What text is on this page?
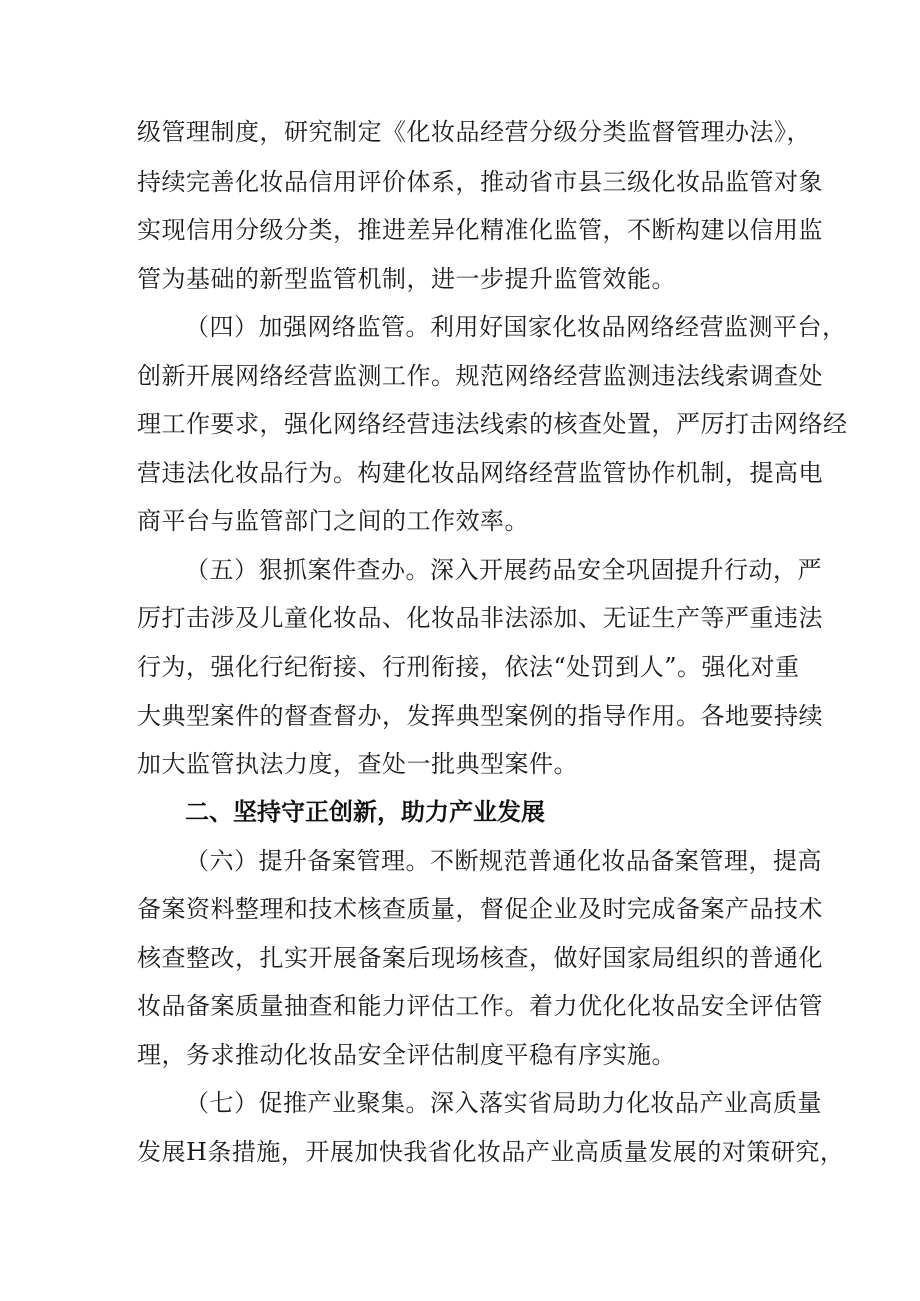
级管理制度，研究制定《化妆品经营分级分类监督管理办法》，
持续完善化妆品信用评价体系，推动省市县三级化妆品监管对象
实现信用分级分类，推进差异化精准化监管，不断构建以信用监
管为基础的新型监管机制，进一步提升监管效能。
（四）加强网络监管。利用好国家化妆品网络经营监测平台，
创新开展网络经营监测工作。规范网络经营监测违法线索调查处
理工作要求，强化网络经营违法线索的核查处置，严厉打击网络经
营违法化妆品行为。构建化妆品网络经营监管协作机制，提高电
商平台与监管部门之间的工作效率。
（五）狠抓案件查办。深入开展药品安全巩固提升行动，严
厉打击涉及儿童化妆品、化妆品非法添加、无证生产等严重违法
行为，强化行纪衔接、行刑衔接，依法“处罚到人”。强化对重
大典型案件的督查督办，发挥典型案例的指导作用。各地要持续
加大监管执法力度，查处一批典型案件。
二、坚持守正创新，助力产业发展
（六）提升备案管理。不断规范普通化妆品备案管理，提高
备案资料整理和技术核查质量，督促企业及时完成备案产品技术
核查整改，扎实开展备案后现场核查，做好国家局组织的普通化
妆品备案质量抽查和能力评估工作。着力优化化妆品安全评估管
理，务求推动化妆品安全评估制度平稳有序实施。
（七）促推产业聚集。深入落实省局助力化妆品产业高质量
发展H条措施，开展加快我省化妆品产业高质量发展的对策研究，
